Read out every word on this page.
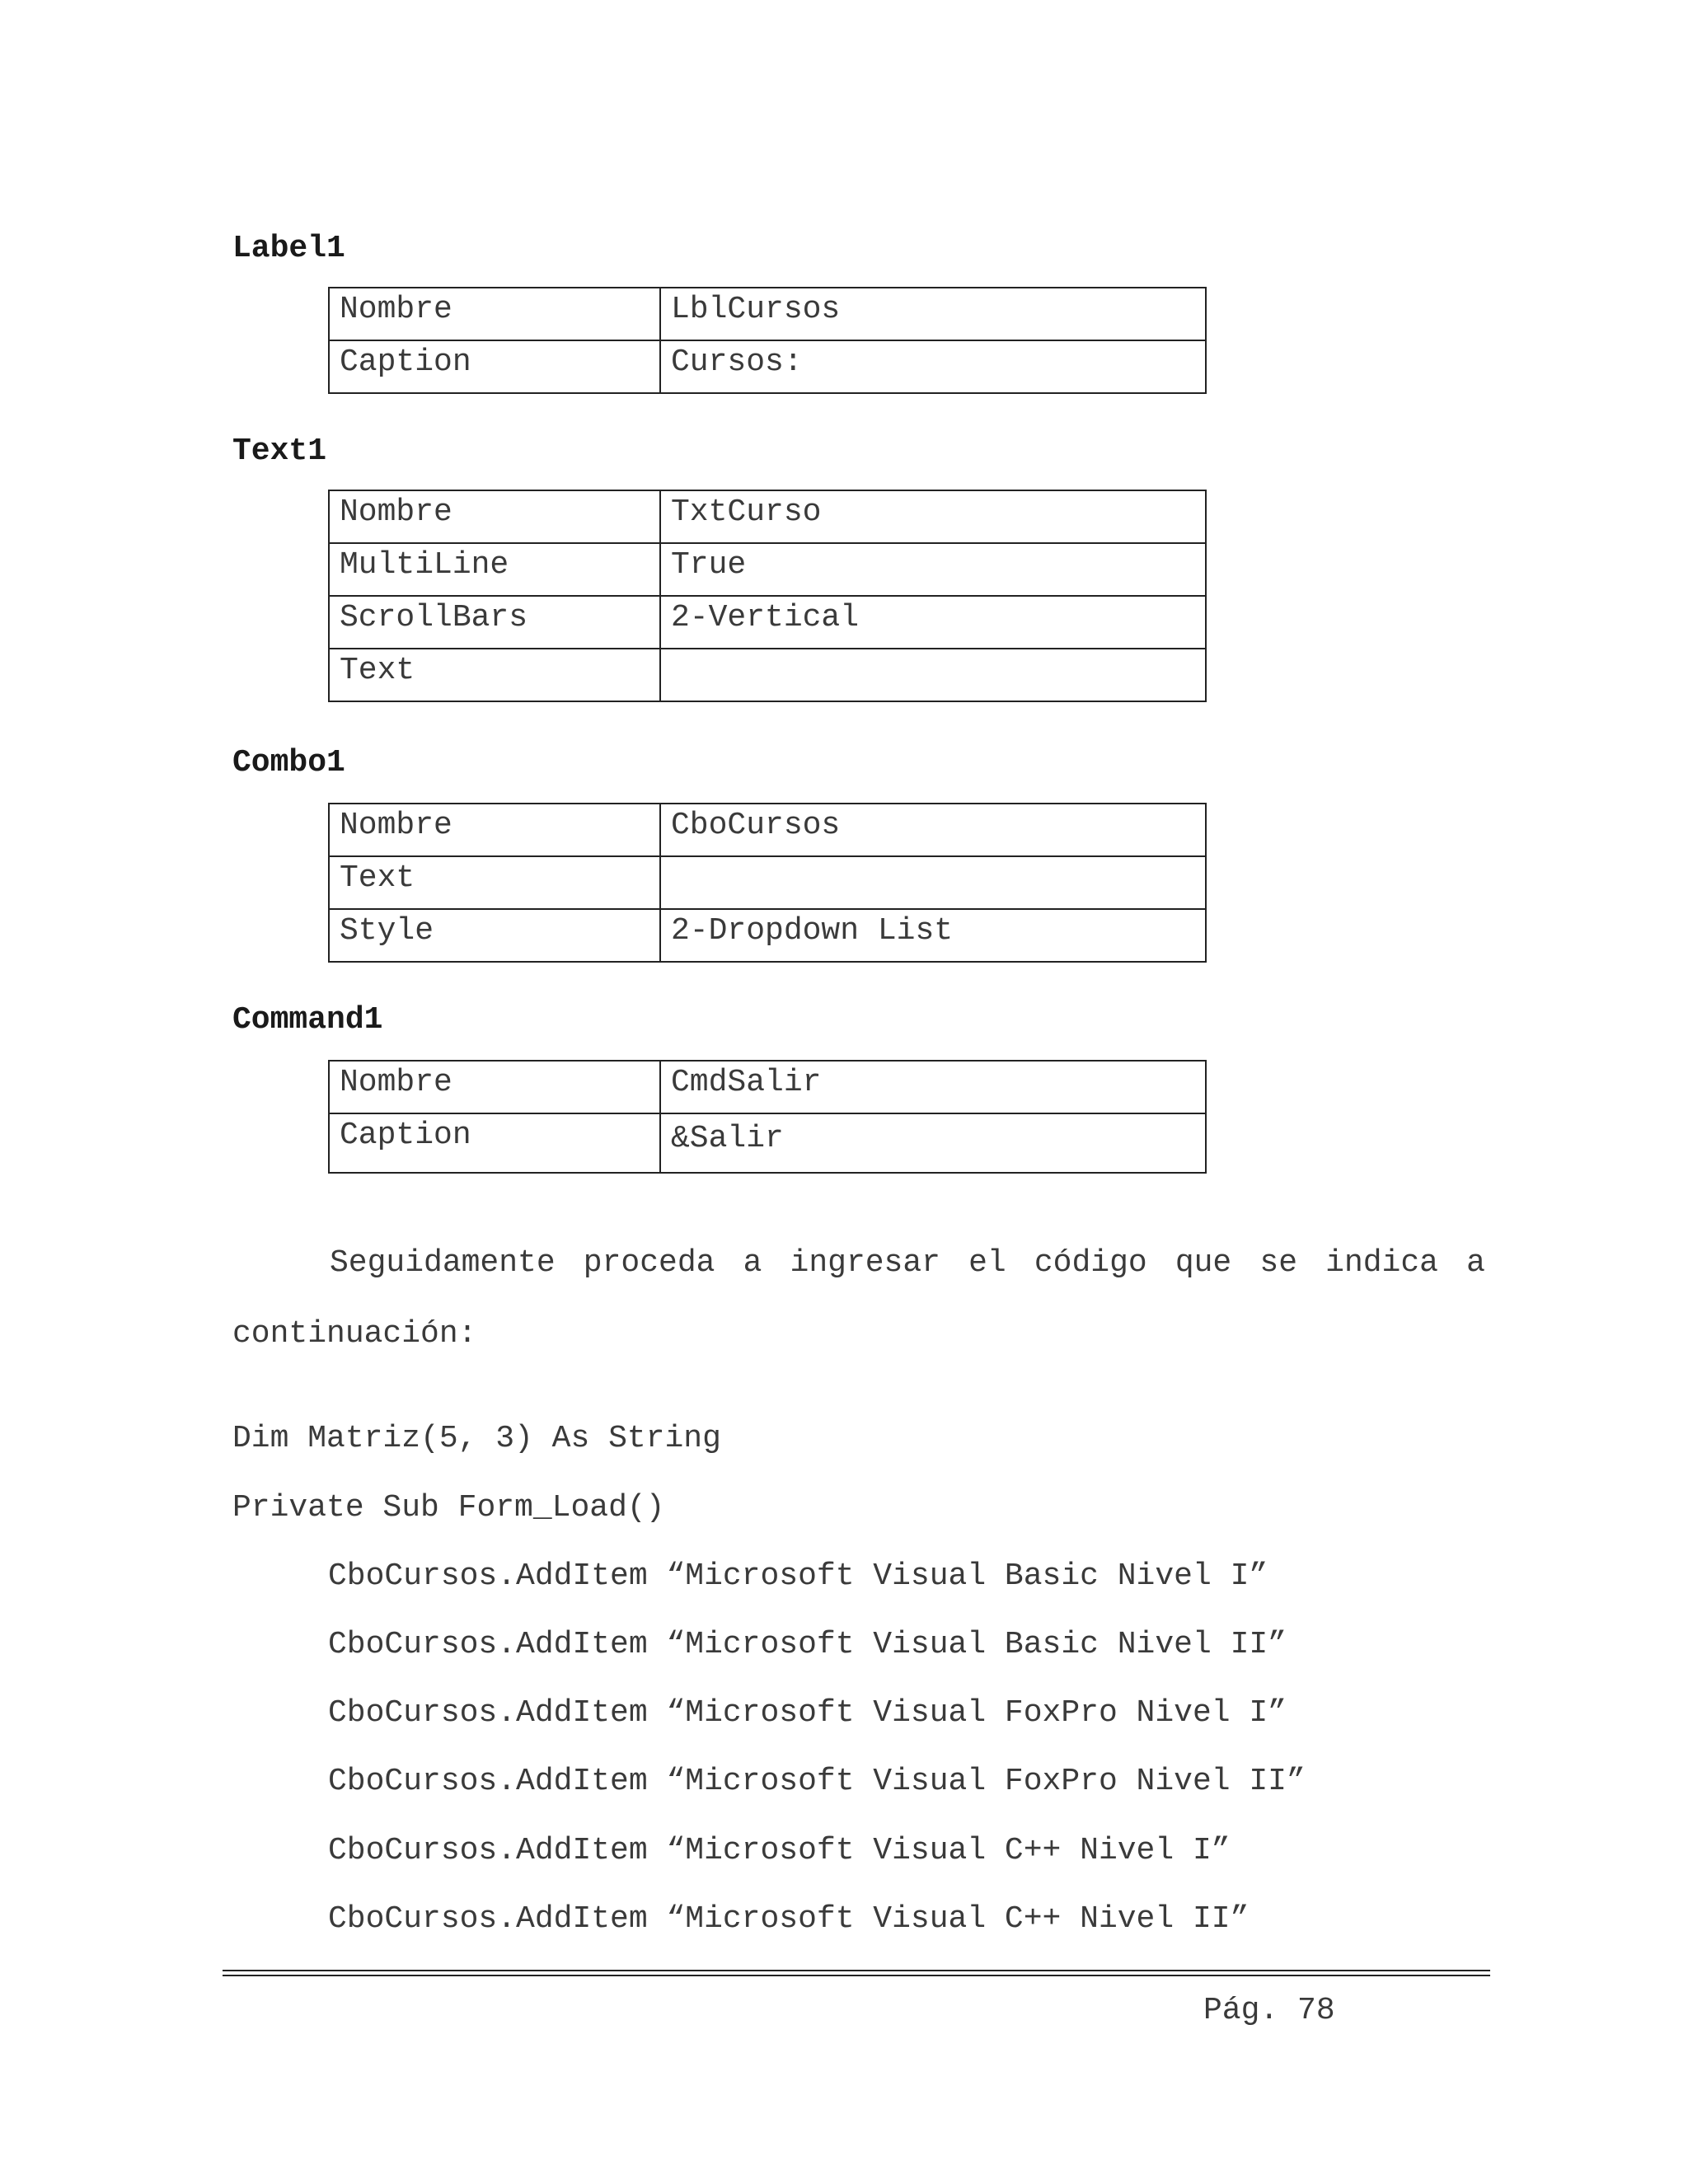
Label1
Nombre	LblCursos
Caption	Cursos:
Text1
Nombre	TxtCurso
MultiLine	True
ScrollBars	2-Vertical
Text	
Combo1
Nombre	CboCursos
Text	
Style	2-Dropdown List
Command1
Nombre	CmdSalir
Caption	&Salir
Seguidamente proceda a ingresar el código que se indica a
continuación:
Dim Matriz(5, 3) As String
Private Sub Form_Load()
CboCursos.AddItem “Microsoft Visual Basic Nivel I”
CboCursos.AddItem “Microsoft Visual Basic Nivel II”
CboCursos.AddItem “Microsoft Visual FoxPro Nivel I”
CboCursos.AddItem “Microsoft Visual FoxPro Nivel II”
CboCursos.AddItem “Microsoft Visual C++ Nivel I”
CboCursos.AddItem “Microsoft Visual C++ Nivel II”
Pág. 78
